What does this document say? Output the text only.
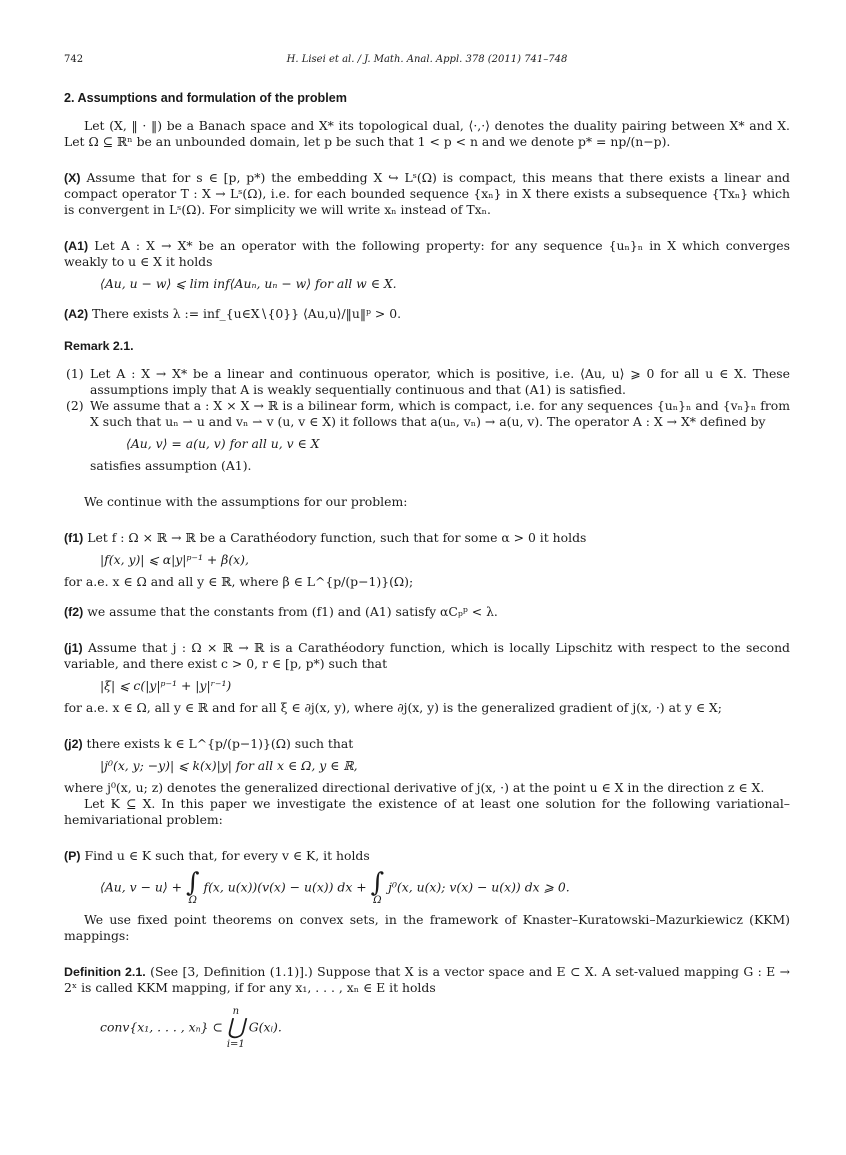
742	H. Lisei et al. / J. Math. Anal. Appl. 378 (2011) 741–748
2. Assumptions and formulation of the problem

Let (X, ‖ · ‖) be a Banach space and X* its topological dual, ⟨·,·⟩ denotes the duality pairing between X* and X. Let Ω ⊆ ℝⁿ be an unbounded domain, let p be such that 1 < p < n and we denote p* = np/(n−p).

(X) Assume that for s ∈ [p, p*) the embedding X ↪ Lˢ(Ω) is compact, this means that there exists a linear and compact operator T : X → Lˢ(Ω), i.e. for each bounded sequence {xₙ} in X there exists a subsequence {Txₙ} which is convergent in Lˢ(Ω). For simplicity we will write xₙ instead of Txₙ.

(A1) Let A : X → X* be an operator with the following property: for any sequence {uₙ}ₙ in X which converges weakly to u ∈ X it holds

⟨Au, u − w⟩ ⩽ lim inf⟨Auₙ, uₙ − w⟩ for all w ∈ X.

(A2) There exists λ := inf_{u∈X∖{0}} ⟨Au,u⟩/‖u‖ᵖ > 0.

Remark 2.1.
(1) Let A : X → X* be a linear and continuous operator, which is positive, i.e. ⟨Au, u⟩ ⩾ 0 for all u ∈ X. These assumptions imply that A is weakly sequentially continuous and that (A1) is satisfied.
(2) We assume that a : X × X → ℝ is a bilinear form, which is compact, i.e. for any sequences {uₙ}ₙ and {vₙ}ₙ from X such that uₙ ⇀ u and vₙ ⇀ v (u, v ∈ X) it follows that a(uₙ, vₙ) → a(u, v). The operator A : X → X* defined by
⟨Au, v⟩ = a(u, v) for all u, v ∈ X
satisfies assumption (A1).

We continue with the assumptions for our problem:

(f1) Let f : Ω × ℝ → ℝ be a Carathéodory function, such that for some α > 0 it holds

|f(x, y)| ⩽ α|y|ᵖ⁻¹ + β(x),

for a.e. x ∈ Ω and all y ∈ ℝ, where β ∈ L^{p/(p−1)}(Ω);

(f2) we assume that the constants from (f1) and (A1) satisfy αCₚᵖ < λ.

(j1) Assume that j : Ω × ℝ → ℝ is a Carathéodory function, which is locally Lipschitz with respect to the second variable, and there exist c > 0, r ∈ [p, p*) such that

|ξ| ⩽ c(|y|ᵖ⁻¹ + |y|ʳ⁻¹)

for a.e. x ∈ Ω, all y ∈ ℝ and for all ξ ∈ ∂j(x, y), where ∂j(x, y) is the generalized gradient of j(x, ·) at y ∈ X;

(j2) there exists k ∈ L^{p/(p−1)}(Ω) such that

|j⁰(x, y; −y)| ⩽ k(x)|y| for all x ∈ Ω, y ∈ ℝ,

where j⁰(x, u; z) denotes the generalized directional derivative of j(x, ·) at the point u ∈ X in the direction z ∈ X.

Let K ⊆ X. In this paper we investigate the existence of at least one solution for the following variational–hemivariational problem:

(P) Find u ∈ K such that, for every v ∈ K, it holds

⟨Au, v − u⟩ + ∫
Ω
f(x, u(x))(v(x) − u(x)) dx + ∫
Ω
j⁰(x, u(x); v(x) − u(x)) dx ⩾ 0.

We use fixed point theorems on convex sets, in the framework of Knaster–Kuratowski–Mazurkiewicz (KKM) mappings:

Definition 2.1. (See [3, Definition (1.1)].) Suppose that X is a vector space and E ⊂ X. A set-valued mapping G : E → 2ˣ is called KKM mapping, if for any x₁, . . . , xₙ ∈ E it holds

conv{x₁, . . . , xₙ} ⊂ n
⋃
i=1 G(xᵢ).
